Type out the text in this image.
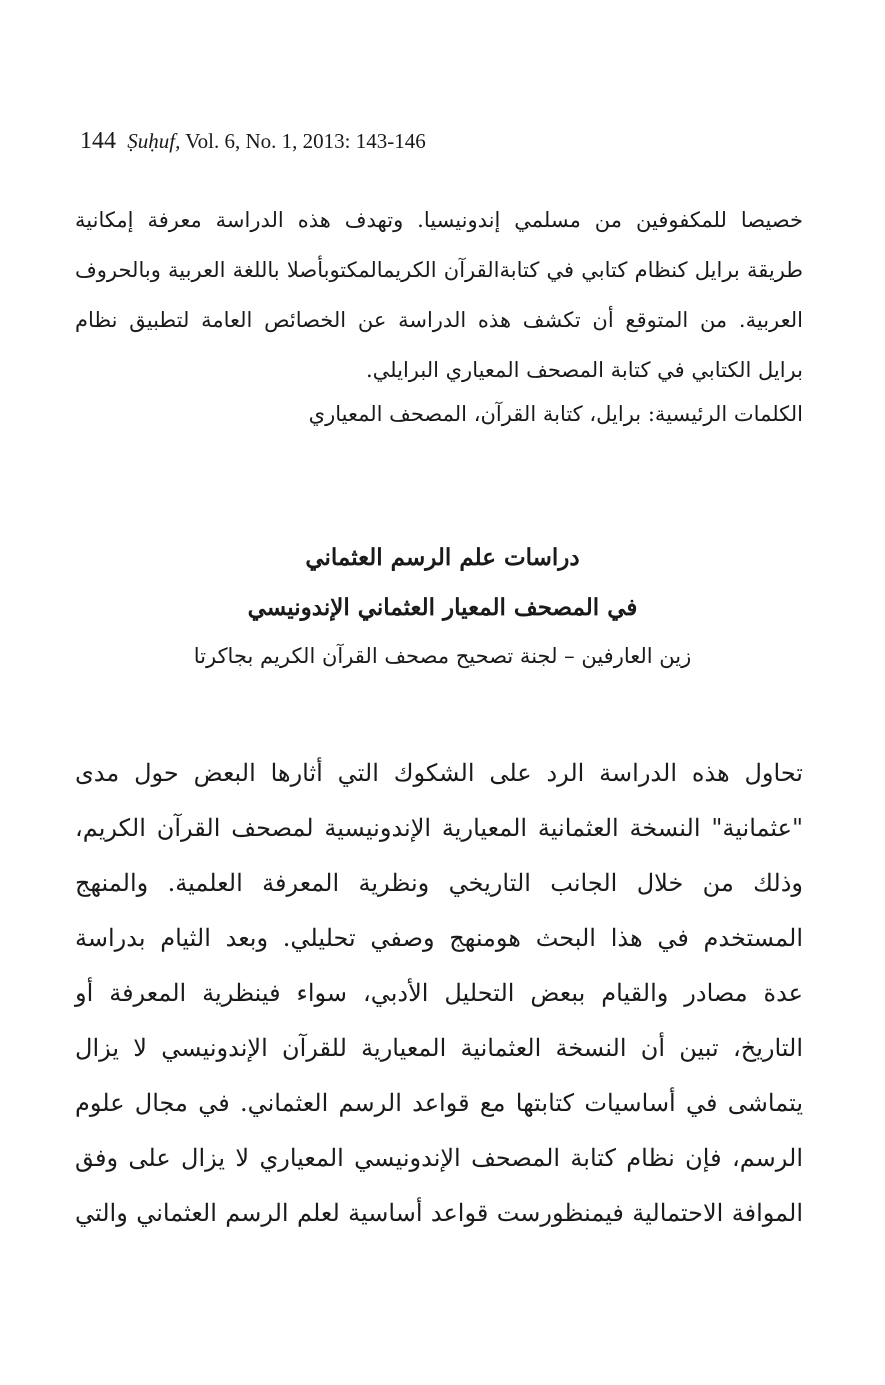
144 Ṣuḥuf, Vol. 6, No. 1, 2013: 143-146
خصيصا للمكفوفين من مسلمي إندونيسيا. وتهدف هذه الدراسة معرفة إمكانية
طريقة برايل كنظام كتابي في كتابةالقرآن الكريمالمكتوبأصلا باللغة العربية وبالحروف
العربية. من المتوقع أن تكشف هذه الدراسة عن الخصائص العامة لتطبيق نظام
برايل الكتابي في كتابة المصحف المعياري البرايلي.
الكلمات الرئيسية: برايل، كتابة القرآن، المصحف المعياري
دراسات علم الرسم العثماني
في المصحف المعيار العثماني الإندونيسي
زين العارفين – لجنة تصحيح مصحف القرآن الكريم بجاكرتا
تحاول هذه الدراسة الرد على الشكوك التي أثارها البعض حول مدى
"عثمانية" النسخة العثمانية المعيارية الإندونيسية لمصحف القرآن الكريم،
وذلك من خلال الجانب التاريخي ونظرية المعرفة العلمية. والمنهج
المستخدم في هذا البحث هومنهج وصفي تحليلي. وبعد الثيام بدراسة
عدة مصادر والقيام ببعض التحليل الأدبي، سواء فينظرية المعرفة أو
التاريخ، تبين أن النسخة العثمانية المعيارية للقرآن الإندونيسي لا يزال
يتماشى في أساسيات كتابتها مع قواعد الرسم العثماني. في مجال علوم
الرسم، فإن نظام كتابة المصحف الإندونيسي المعياري لا يزال على وفق
الموافة الاحتمالية فيمنظورست قواعد أساسية لعلم الرسم العثماني والتي
